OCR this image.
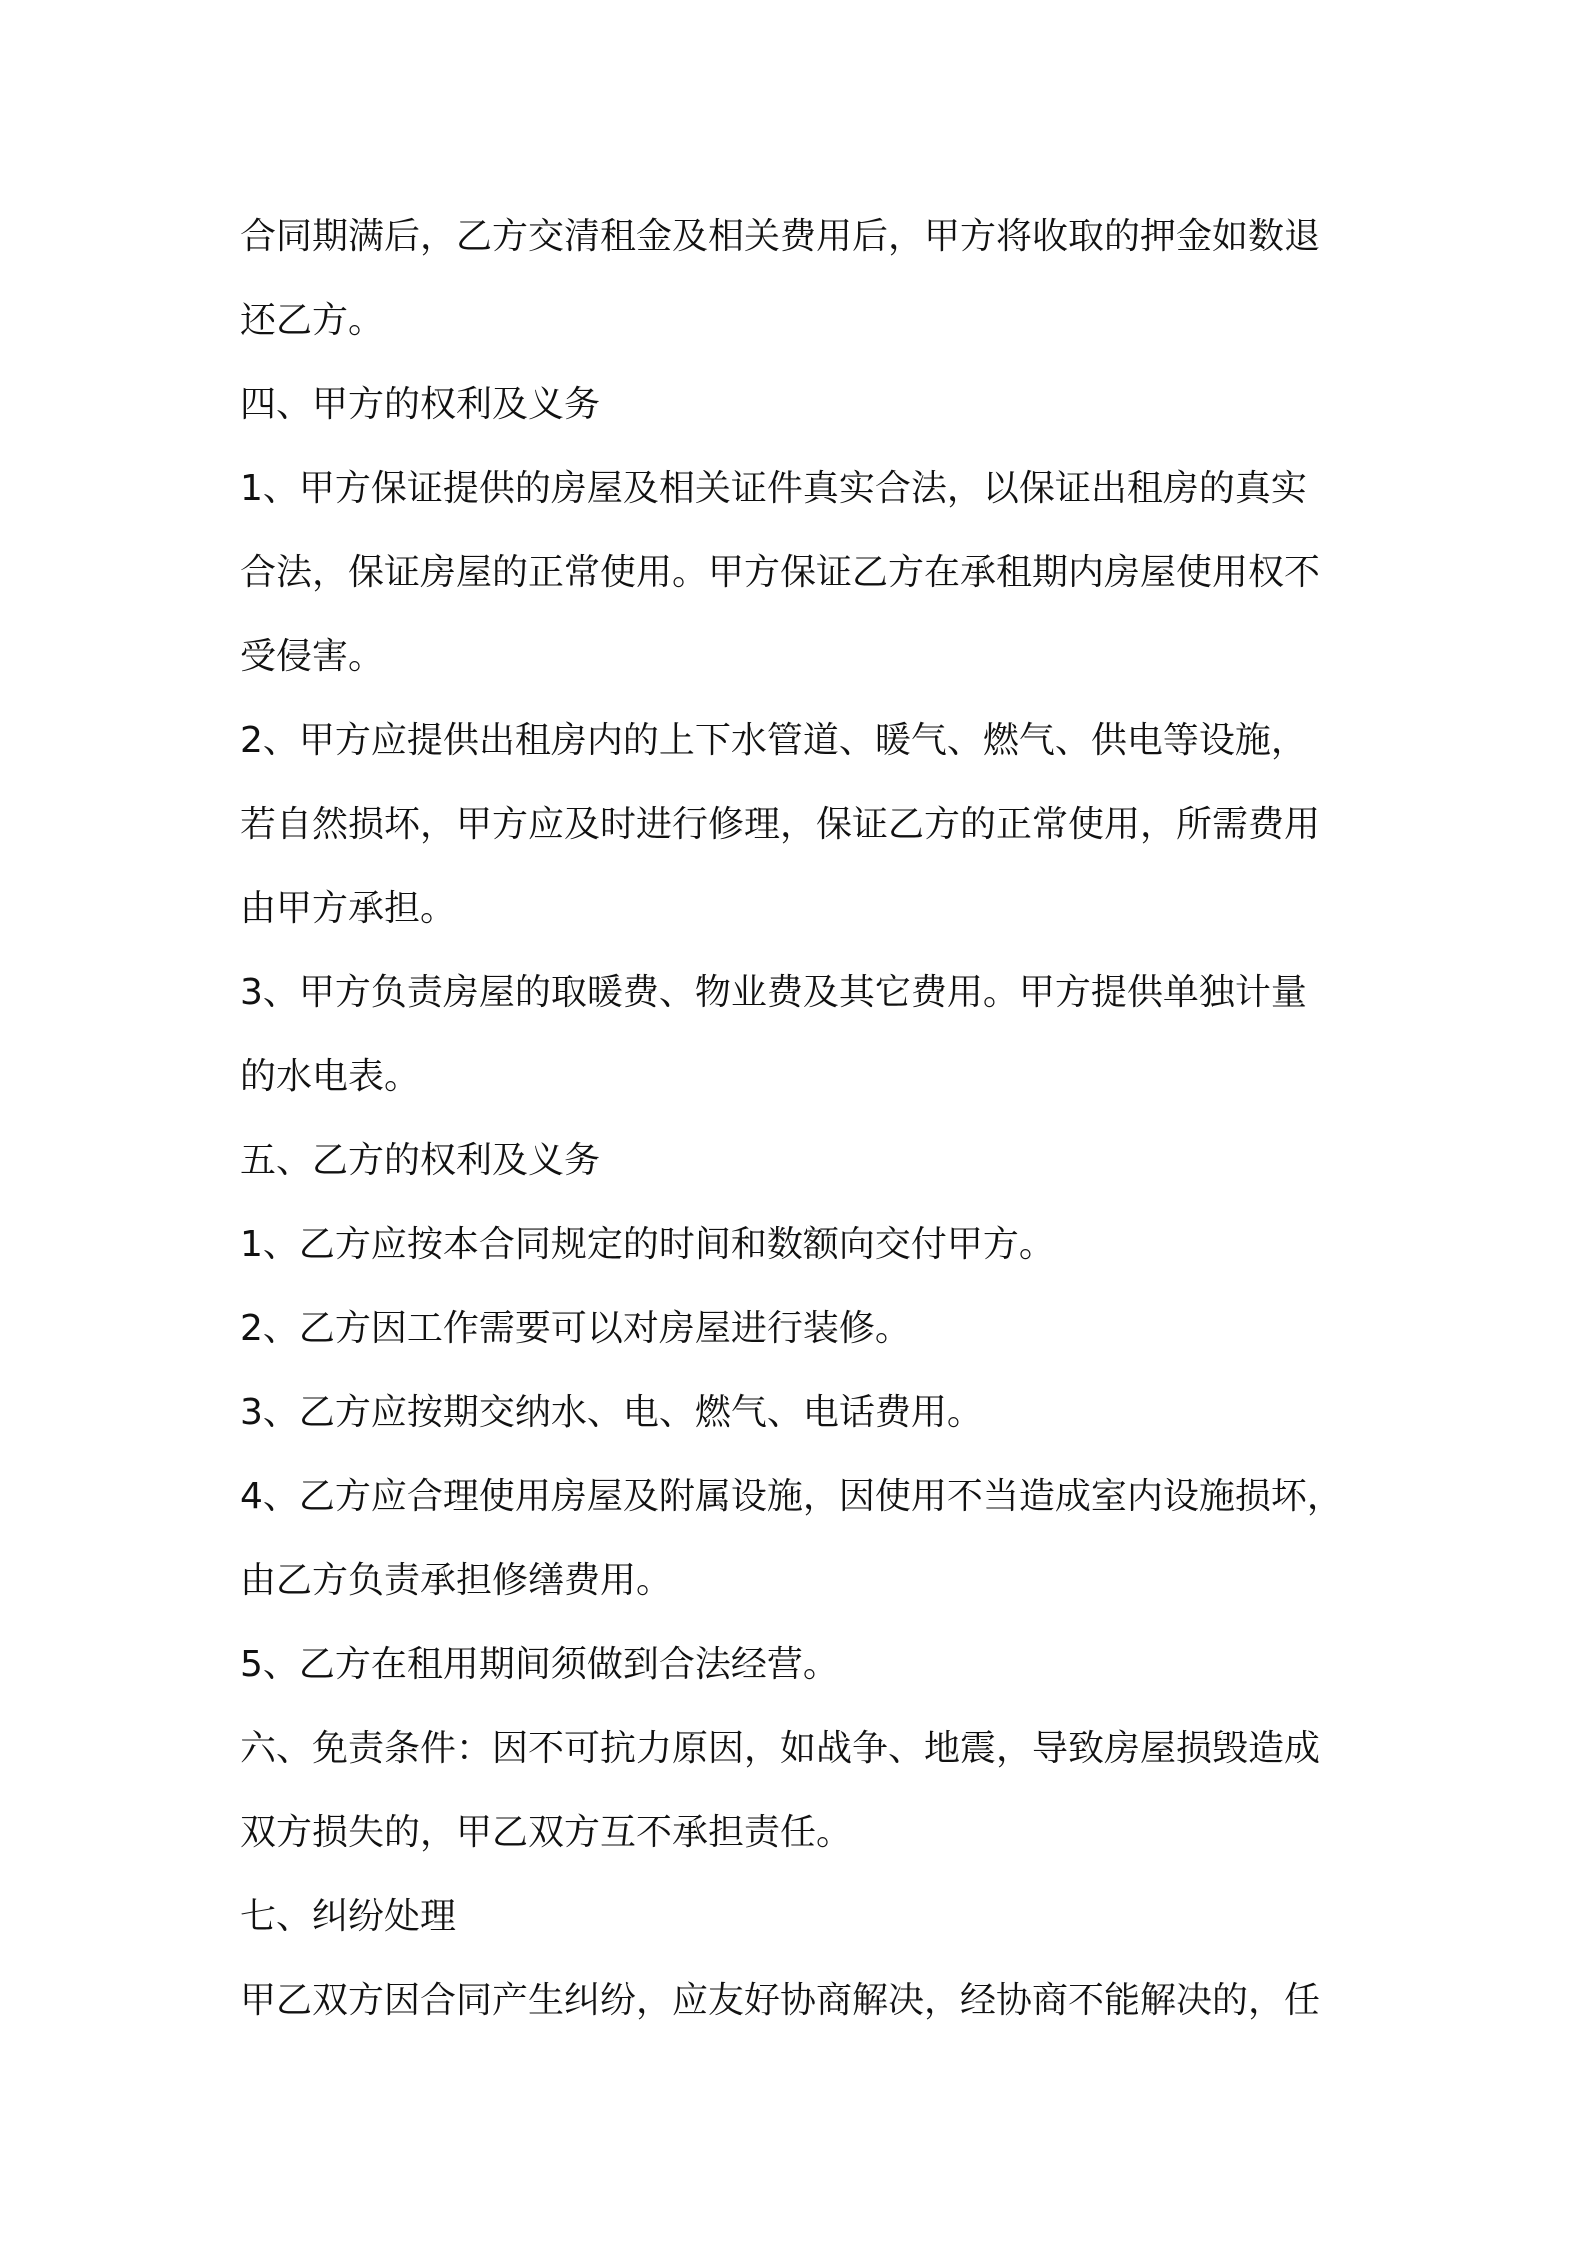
合同期满后，乙方交清租金及相关费用后，甲方将收取的押金如数退

还乙方。

四、甲方的权利及义务

1、甲方保证提供的房屋及相关证件真实合法，以保证出租房的真实

合法，保证房屋的正常使用。甲方保证乙方在承租期内房屋使用权不

受侵害。

2、甲方应提供出租房内的上下水管道、暖气、燃气、供电等设施，

若自然损坏，甲方应及时进行修理，保证乙方的正常使用，所需费用

由甲方承担。

3、甲方负责房屋的取暖费、物业费及其它费用。甲方提供单独计量

的水电表。

五、乙方的权利及义务

1、乙方应按本合同规定的时间和数额向交付甲方。

2、乙方因工作需要可以对房屋进行装修。

3、乙方应按期交纳水、电、燃气、电话费用。

4、乙方应合理使用房屋及附属设施，因使用不当造成室内设施损坏，

由乙方负责承担修缮费用。

5、乙方在租用期间须做到合法经营。

六、免责条件：因不可抗力原因，如战争、地震，导致房屋损毁造成

双方损失的，甲乙双方互不承担责任。

七、纠纷处理

甲乙双方因合同产生纠纷，应友好协商解决，经协商不能解决的，任
